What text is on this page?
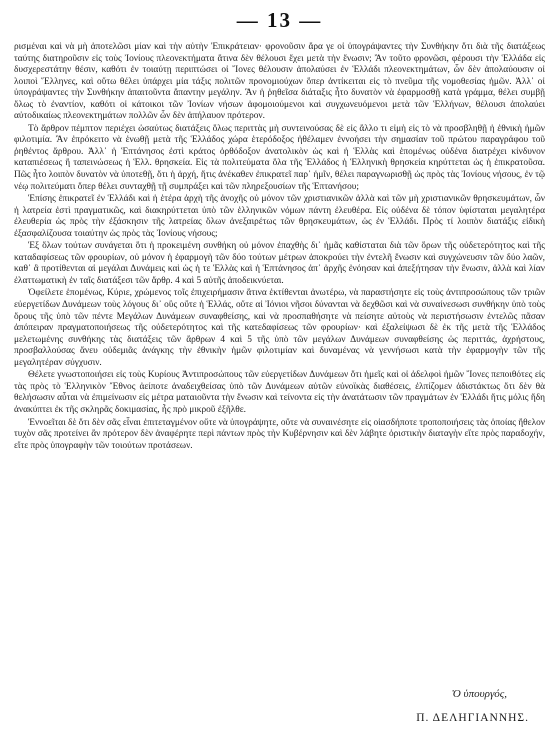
— 13 —

ρισμέναι καὶ νὰ μὴ ἀποτελῶσι μίαν καὶ τὴν αὐτὴν Ἐπικράτειαν· φρονοῦσιν ἄρα γε οἱ ὑπογράψαντες τὴν Συνθήκην ὅτι διὰ τῆς διατάξεως ταύτης διατηροῦσιν εἰς τοὺς Ἰονίους πλεονεκτήματα ἅτινα δὲν θέλουσι ἔχει μετὰ τὴν ἕνωσιν; Ἂν τοῦτο φρονῶσι, φέρουσι τὴν Ἑλλάδα εἰς δυσχερεστάτην θέσιν, καθότι ἐν τοιαύτῃ περιπτώσει οἱ Ἴονες θέλουσιν ἀπολαύσει ἐν Ἑλλάδι πλεονεκτημάτων, ὧν δὲν ἀπολαύουσιν οἱ λοιποὶ Ἕλληνες, καὶ οὕτω θέλει ὑπάρχει μία τάξις πολιτῶν προνομιούχων ὅπερ ἀντίκειται εἰς τὸ πνεῦμα τῆς νομοθεσίας ἡμῶν. Ἀλλ᾽ οἱ ὑπογράψαντες τὴν Συνθήκην ἀπαιτοῦντα ἄπαντην μεγάλην. Ἂν ἡ ῥηθεῖσα διάταξις ἦτο δυνατὸν νὰ ἐφαρμοσθῇ κατὰ γράμμα, θέλει συμβῇ ὅλως τὸ ἐναντίον, καθότι οἱ κάτοικοι τῶν Ἰονίων νήσων ἀφομοιούμενοι καὶ συγχωνευόμενοι μετὰ τῶν Ἑλλήνων, θέλουσι ἀπολαύει αὐτοδικαίως πλεονεκτημάτων πολλῶν ὧν δὲν ἀπήλαυον πρότερον.

Τὸ ἄρθρον πέμπτον περιέχει ὡσαύτως διατάξεις ὅλως περιττὰς μὴ συντεινούσας δὲ εἰς ἄλλο τι εἰμὴ εἰς τὸ νὰ προσβληθῇ ἡ ἐθνικὴ ἡμῶν φιλοτιμία. Ἂν ἐπρόκειτο νὰ ἑνωθῇ μετὰ τῆς Ἑλλάδος χώρα ἑτερόδοξος ἠθέλαμεν ἐννοήσει τὴν σημασίαν τοῦ πρώτου παραγράφου τοῦ ῥηθέντος ἄρθρου. Ἀλλ᾽ ἡ Ἑπτάνησος ἐστὶ κράτος ὀρθόδοξον ἀνατολικὸν ὡς καὶ ἡ Ἑλλὰς καὶ ἑπομένως οὐδένα διατρέχει κίνδυνον καταπιέσεως ἢ ταπεινώσεως ἡ Ἑλλ. θρησκεία. Εἰς τὰ πολιτεύματα ὅλα τῆς Ἑλλάδος ἡ Ἑλληνικὴ θρησκεία κηρύττεται ὡς ἡ ἐπικρατοῦσα. Πῶς ἦτο λοιπὸν δυνατὸν νὰ ὑποτεθῇ, ὅτι ἡ ἀρχή, ἥτις ἀνέκαθεν ἐπικρατεῖ παρ᾽ ἡμῖν, θέλει παραγνωρισθῇ ὡς πρὸς τὰς Ἰονίους νήσους, ἐν τῷ νέῳ πολιτεύματι ὅπερ θέλει συνταχθῇ τῇ συμπράξει καὶ τῶν πληρεξουσίων τῆς Ἑπτανήσου;

Ἐπίσης ἐπικρατεῖ ἐν Ἑλλάδι καὶ ἡ ἑτέρα ἀρχὴ τῆς ἀνοχῆς οὐ μόνον τῶν χριστιανικῶν ἀλλὰ καὶ τῶν μὴ χριστιανικῶν θρησκευμάτων, ὧν ἡ λατρεία ἐστὶ πραγματικῶς, καὶ διακηρύττεται ὑπὸ τῶν ἑλληνικῶν νόμων πάντη ἐλευθέρα. Εἰς οὐδένα δὲ τόπον ὑφίσταται μεγαλητέρα ἐλευθερία ὡς πρὸς τὴν ἐξάσκησιν τῆς λατρείας ὅλων ἀνεξαιρέτως τῶν θρησκευμάτων, ὡς ἐν Ἑλλάδι. Πρὸς τί λοιπὸν διατάξις εἰδικὴ ἐξασφαλίζουσα τοιαύτην ὡς πρὸς τὰς Ἰονίους νήσους;

Ἐξ ὅλων τούτων συνάγεται ὅτι ἡ προκειμένη συνθήκη οὐ μόνον ἐπαχθὴς δι᾽ ἡμᾶς καθίσταται διὰ τῶν ὅρων τῆς οὐδετερότητος καὶ τῆς καταδαφίσεως τῶν φρουρίων, οὐ μόνον ἡ ἐφαρμογὴ τῶν δύο τούτων μέτρων ἀποκρούει τὴν ἐντελῆ ἕνωσιν καὶ συγχώνευσιν τῶν δύο λαῶν, καθ᾽ ἃ προτίθενται αἱ μεγάλαι Δυνάμεις καὶ ὡς ἡ τε Ἑλλὰς καὶ ἡ Ἑπτάνησος ἀπ᾽ ἀρχῆς ἐνόησαν καὶ ἀπεξήτησαν τὴν ἕνωσιν, ἀλλὰ καὶ λίαν ἐλαττωματικὴ ἐν ταῖς διατάξεσι τῶν ἄρθρ. 4 καὶ 5 αὐτῆς ἀποδεικνύεται.

Ὀφείλετε ἑπομένως, Κύριε, χρώμενος τοῖς ἐπιχειρήμασιν ἅτινα ἐκτίθενται ἀνωτέρω, νὰ παραστήσητε εἰς τοὺς ἀντιπροσώπους τῶν τριῶν εὐεργετίδων Δυνάμεων τοὺς λόγους δι᾽ οὓς οὔτε ἡ Ἑλλάς, οὔτε αἱ Ἰόνιοι νῆσοι δύνανται νὰ δεχθῶσι καὶ νὰ συναίνεσωσι συνθήκην ὑπὸ τοὺς ὅρους τῆς ὑπὸ τῶν πέντε Μεγάλων Δυνάμεων συναφθείσης, καὶ νὰ προσπαθήσητε νὰ πείσητε αὐτοὺς νὰ περιστήσωσιν ἐντελῶς πᾶσαν ἀπόπειραν πραγματοποιήσεως τῆς οὐδετερότητος καὶ τῆς κατεδαφίσεως τῶν φρουρίων· καὶ ἐξαλείψωσι δὲ ἐκ τῆς μετὰ τῆς Ἑλλάδος μελετωμένης συνθήκης τὰς διατάξεις τῶν ἄρθρων 4 καὶ 5 τῆς ὑπὸ τῶν μεγάλων Δυνάμεων συναφθείσης ὡς περιττάς, ἀχρήστους, προσβαλλούσας ἄνευ οὐδεμιᾶς ἀνάγκης τὴν ἐθνικὴν ἡμῶν φιλοτιμίαν καὶ δυναμένας νὰ γεννήσωσι κατὰ τὴν ἐφαρμογὴν τῶν τῆς μεγαλητέραν σύγχυσιν.

Θέλετε γνωστοποιήσει εἰς τοὺς Κυρίους Ἀντιπροσώπους τῶν εὐεργετίδων Δυνάμεων ὅτι ἡμεῖς καὶ οἱ ἀδελφοὶ ἡμῶν Ἴονες πεποιθότες εἰς τὰς πρὸς τὸ Ἑλληνικὸν Ἔθνος ἀείποτε ἀναδειχθείσας ὑπὸ τῶν Δυνάμεων αὐτῶν εὐνοϊκὰς διαθέσεις, ἐλπίζομεν ἀδιστάκτως ὅτι δὲν θὰ θελήσωσιν αὗται νὰ ἐπιμείνωσιν εἰς μέτρα ματαιοῦντα τὴν ἕνωσιν καὶ τείνοντα εἰς τὴν ἀνατάτωσιν τῶν πραγμάτων ἐν Ἑλλάδι ἥτις μόλις ἤδη ἀνακύπτει ἐκ τῆς σκληρᾶς δοκιμασίας, ἧς πρὸ μικροῦ ἐξῆλθε.

Ἐννοεῖται δὲ ὅτι δὲν σᾶς εἶναι ἐπιτεταγμένον οὔτε νὰ ὑπογράψητε, οὔτε νὰ συναινέσητε εἰς οἱασδήποτε τροποποιήσεις τὰς ὁποίας ἤθελον τυχὸν σᾶς προτείνει ἂν πρότερον δὲν ἀναφέρητε περὶ πάντων πρὸς τὴν Κυβέρνησιν καὶ δὲν λάβητε ὁριστικὴν διαταγὴν εἴτε πρὸς παραδοχήν, εἴτε πρὸς ὑπογραφὴν τῶν τοιούτων προτάσεων.

Ὁ ὑπουργός,
Π. ΔΕΛΗΓΙΑΝΝΗΣ.
